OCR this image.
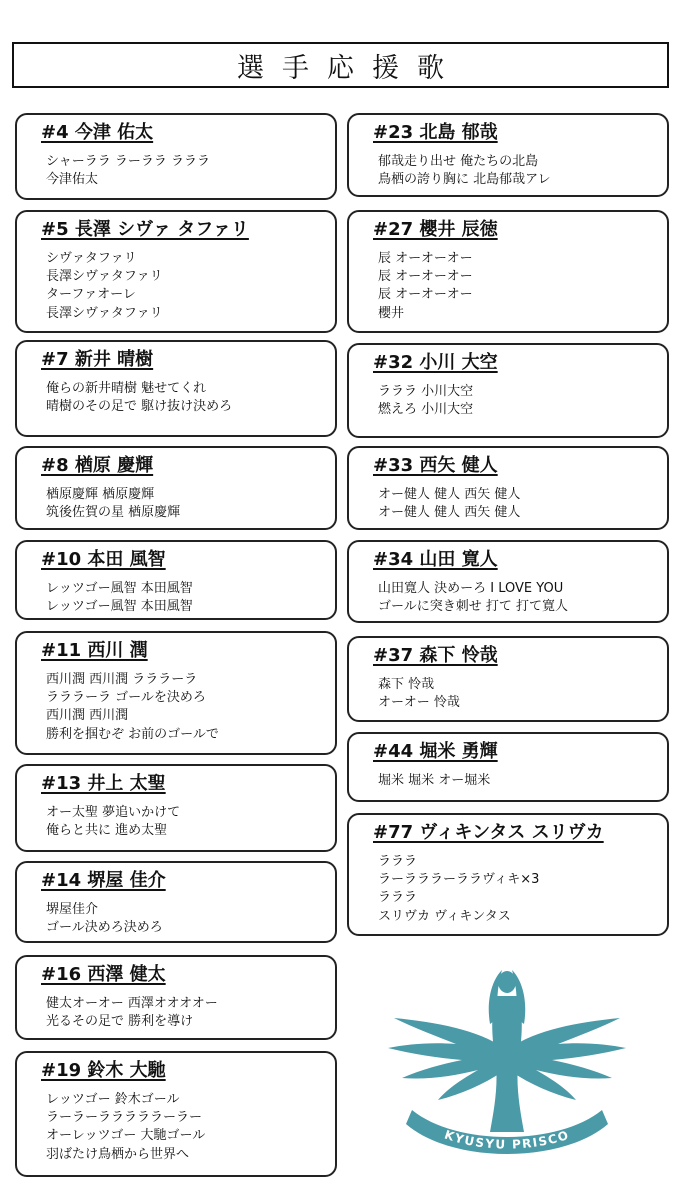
選手応援歌
#4 今津 佑太
シャーララ ラーララ ラララ
今津佑太
#5 長澤 シヴァ タファリ
シヴァタファリ
長澤シヴァタファリ
ターファオーレ
長澤シヴァタファリ
#7 新井 晴樹
俺らの新井晴樹 魅せてくれ
晴樹のその足で 駆け抜け決めろ
#8 楢原 慶輝
楢原慶輝 楢原慶輝
筑後佐賀の星 楢原慶輝
#10 本田 風智
レッツゴー風智 本田風智
レッツゴー風智 本田風智
#11 西川 潤
西川潤 西川潤 ラララーラ
ラララーラ ゴールを決めろ
西川潤 西川潤
勝利を掴むぞ お前のゴールで
#13 井上 太聖
オー太聖 夢追いかけて
俺らと共に 進め太聖
#14 堺屋 佳介
堺屋佳介
ゴール決めろ決めろ
#16 西澤 健太
健太オーオー 西澤オオオオー
光るその足で 勝利を導け
#19 鈴木 大馳
レッツゴー 鈴木ゴール
ラーラーラララララーラー
オーレッツゴー 大馳ゴール
羽ばたけ鳥栖から世界へ
#23 北島 郁哉
郁哉走り出せ 俺たちの北島
鳥栖の誇り胸に 北島郁哉アレ
#27 櫻井 辰徳
辰 オーオーオー
辰 オーオーオー
辰 オーオーオー
櫻井
#32 小川 大空
ラララ 小川大空
燃えろ 小川大空
#33 西矢 健人
オー健人 健人 西矢 健人
オー健人 健人 西矢 健人
#34 山田 寛人
山田寛人 決めーろ I LOVE YOU
ゴールに突き刺せ 打て 打て寛人
#37 森下 怜哉
森下 怜哉
オーオー 怜哉
#44 堀米 勇輝
堀米 堀米 オー堀米
#77 ヴィキンタス スリヴカ
ラララ
ラーラララーララヴィキ×3
ラララ
スリヴカ ヴィキンタス
KYUSYU PRISCO
